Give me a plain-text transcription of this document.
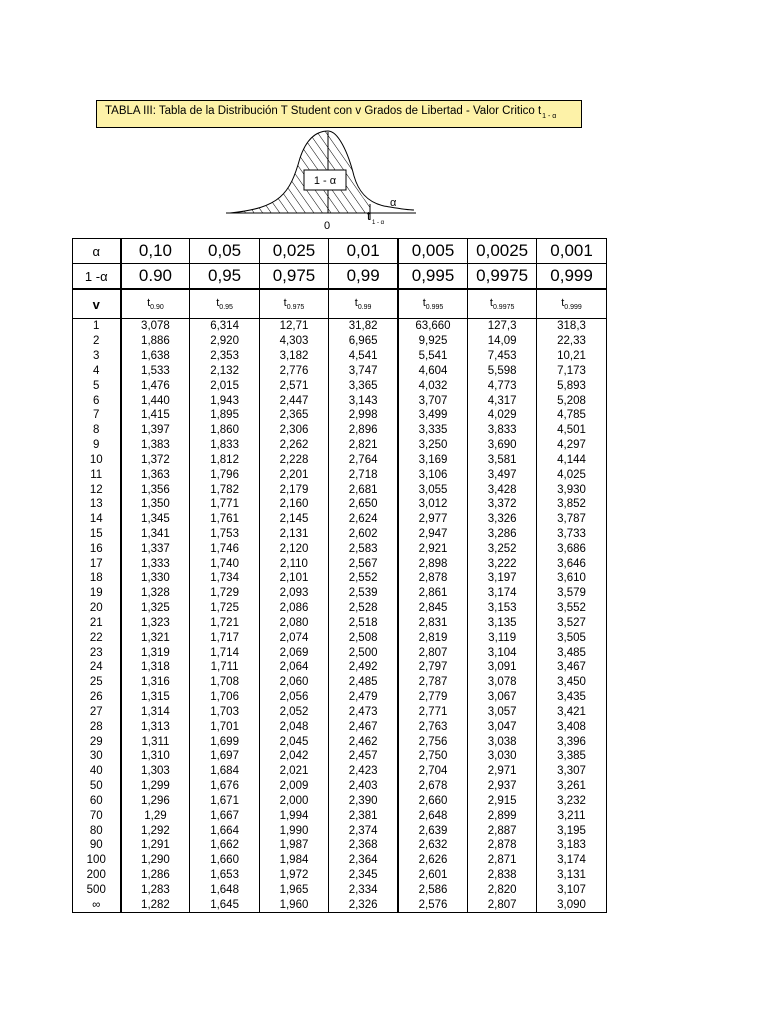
TABLA III: Tabla de la Distribución T Student con v Grados de Libertad - Valor Critico $t_{1 - \alpha}$
1 - α
α
0
t 1 - α
α	0,10	0,05	0,025	0,01	0,005	0,0025	0,001
1 -α	0.90	0,95	0,975	0,99	0,995	0,9975	0,999
v	$t_{0.90}$	$t_{0.95}$	$t_{0.975}$	$t_{0.99}$	$t_{0.995}$	$t_{0.9975}$	$t_{0.999}$
1	3,078	6,314	12,71	31,82	63,660	127,3	318,3
2	1,886	2,920	4,303	6,965	9,925	14,09	22,33
3	1,638	2,353	3,182	4,541	5,541	7,453	10,21
4	1,533	2,132	2,776	3,747	4,604	5,598	7,173
5	1,476	2,015	2,571	3,365	4,032	4,773	5,893
6	1,440	1,943	2,447	3,143	3,707	4,317	5,208
7	1,415	1,895	2,365	2,998	3,499	4,029	4,785
8	1,397	1,860	2,306	2,896	3,335	3,833	4,501
9	1,383	1,833	2,262	2,821	3,250	3,690	4,297
10	1,372	1,812	2,228	2,764	3,169	3,581	4,144
11	1,363	1,796	2,201	2,718	3,106	3,497	4,025
12	1,356	1,782	2,179	2,681	3,055	3,428	3,930
13	1,350	1,771	2,160	2,650	3,012	3,372	3,852
14	1,345	1,761	2,145	2,624	2,977	3,326	3,787
15	1,341	1,753	2,131	2,602	2,947	3,286	3,733
16	1,337	1,746	2,120	2,583	2,921	3,252	3,686
17	1,333	1,740	2,110	2,567	2,898	3,222	3,646
18	1,330	1,734	2,101	2,552	2,878	3,197	3,610
19	1,328	1,729	2,093	2,539	2,861	3,174	3,579
20	1,325	1,725	2,086	2,528	2,845	3,153	3,552
21	1,323	1,721	2,080	2,518	2,831	3,135	3,527
22	1,321	1,717	2,074	2,508	2,819	3,119	3,505
23	1,319	1,714	2,069	2,500	2,807	3,104	3,485
24	1,318	1,711	2,064	2,492	2,797	3,091	3,467
25	1,316	1,708	2,060	2,485	2,787	3,078	3,450
26	1,315	1,706	2,056	2,479	2,779	3,067	3,435
27	1,314	1,703	2,052	2,473	2,771	3,057	3,421
28	1,313	1,701	2,048	2,467	2,763	3,047	3,408
29	1,311	1,699	2,045	2,462	2,756	3,038	3,396
30	1,310	1,697	2,042	2,457	2,750	3,030	3,385
40	1,303	1,684	2,021	2,423	2,704	2,971	3,307
50	1,299	1,676	2,009	2,403	2,678	2,937	3,261
60	1,296	1,671	2,000	2,390	2,660	2,915	3,232
70	1,29	1,667	1,994	2,381	2,648	2,899	3,211
80	1,292	1,664	1,990	2,374	2,639	2,887	3,195
90	1,291	1,662	1,987	2,368	2,632	2,878	3,183
100	1,290	1,660	1,984	2,364	2,626	2,871	3,174
200	1,286	1,653	1,972	2,345	2,601	2,838	3,131
500	1,283	1,648	1,965	2,334	2,586	2,820	3,107
∞	1,282	1,645	1,960	2,326	2,576	2,807	3,090
